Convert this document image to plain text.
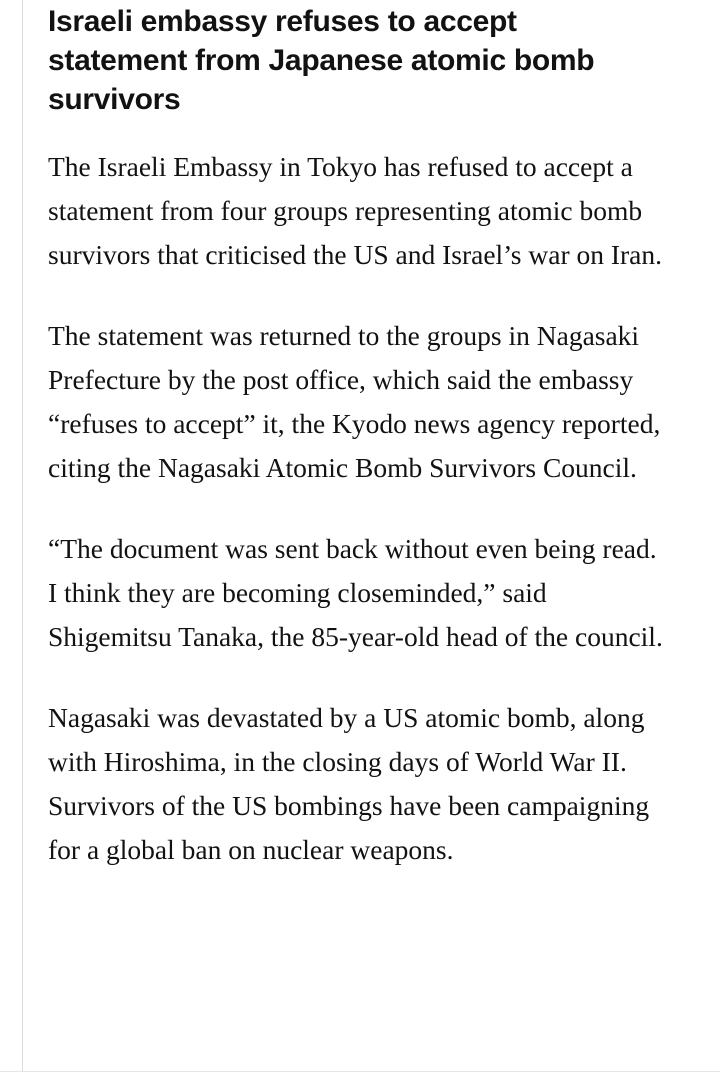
Israeli embassy refuses to accept statement from Japanese atomic bomb survivors

The Israeli Embassy in Tokyo has refused to accept a statement from four groups representing atomic bomb survivors that criticised the US and Israel’s war on Iran.

The statement was returned to the groups in Nagasaki Prefecture by the post office, which said the embassy “refuses to accept” it, the Kyodo news agency reported, citing the Nagasaki Atomic Bomb Survivors Council.

“The document was sent back without even being read. I think they are becoming closeminded,” said Shigemitsu Tanaka, the 85-year-old head of the council.

Nagasaki was devastated by a US atomic bomb, along with Hiroshima, in the closing days of World War II. Survivors of the US bombings have been campaigning for a global ban on nuclear weapons.
